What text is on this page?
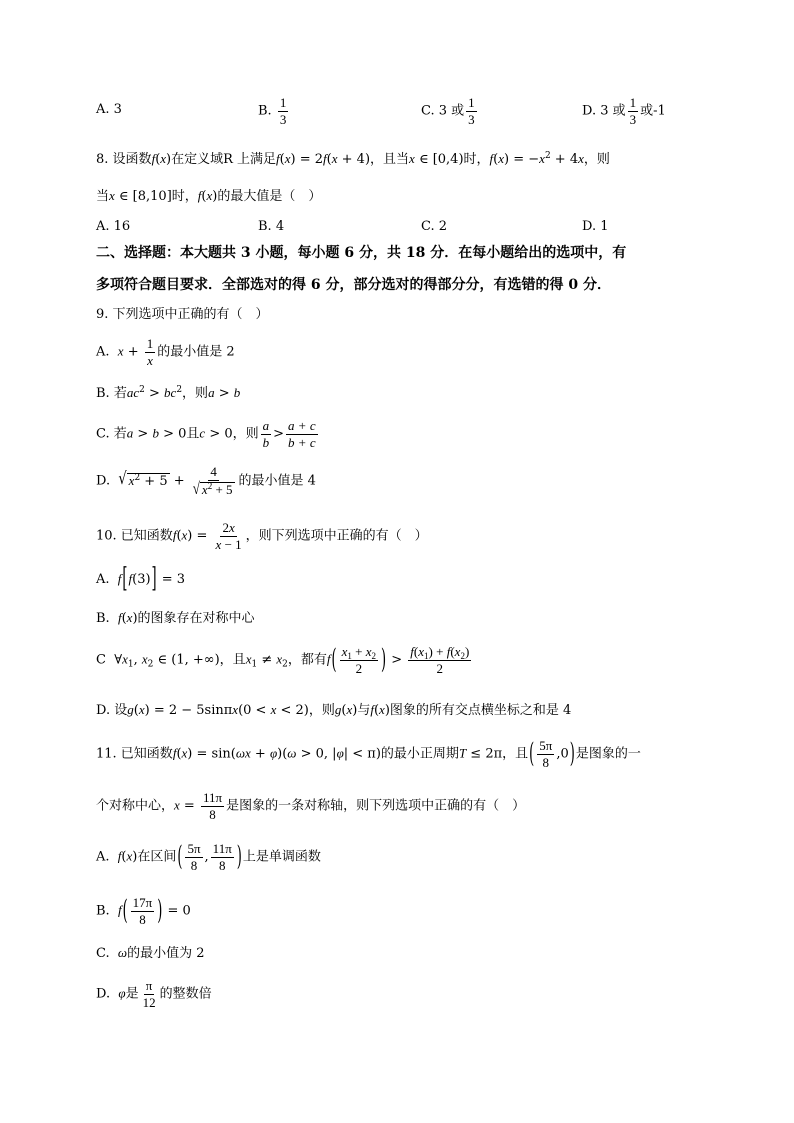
A. 3	B. $\frac{1}{3}$	C. 3 或 $\frac{1}{3}$	D. 3 或 $\frac{1}{3}$ 或-1
8. 设函数f(x)在定义域R 上满足f(x) = 2f(x + 4)，且当x ∈ [0,4)时，$f(x) = -x^2 + 4x$，则
当x ∈ [8,10]时，f(x)的最大值是（　）
A. 16	B. 4	C. 2	D. 1
二、选择题：本大题共 3 小题，每小题 6 分，共 18 分．在每小题给出的选项中，有
多项符合题目要求．全部选对的得 6 分，部分选对的得部分分，有选错的得 0 分．
9. 下列选项中正确的有（　）
A. $x + \frac{1}{x}$ 的最小值是 2
B. 若$ac^2 > bc^2$，则a > b
C. 若a > b > 0且c > 0，则 $\frac{a}{b} > \frac{a + c}{b + c}$
D. √ $x^2 + 5 + \frac{4}{√ x^2 + 5}$ 的最小值是 4
10. 已知函数$f(x) = \frac{2x}{x - 1}$ ，则下列选项中正确的有（　）
A. f[f(3)] = 3
B. f(x)的图象存在对称中心
C  $\forall x_1$, $x_2$ ∈ (1, +∞)，且$x_1 \ne x_2$，都有$f( \frac{x_1 + x_2}{2}$ ) > $\frac{f(x_1) + f(x_2)}{2}$
D. 设g(x) = 2 − 5sinπx(0 < x < 2)，则g(x)与f(x)图象的所有交点横坐标之和是 4
11. 已知函数f(x) = sin(ωx + φ)(ω > 0, |φ| < π)的最小正周期T ≤ 2π，且( $\frac{5\pi}{8} ,0$)是图象的一
个对称中心，$x = \frac{11\pi}{8}$ 是图象的一条对称轴，则下列选项中正确的有（　）
A. f(x)在区间( $\frac{5\pi}{8}$ , $\frac{11\pi}{8}$ )上是单调函数
B. $f( \frac{17\pi}{8}$ ) = 0
C. ω的最小值为 2
D. φ是 $\frac{\pi}{12}$ 的整数倍
